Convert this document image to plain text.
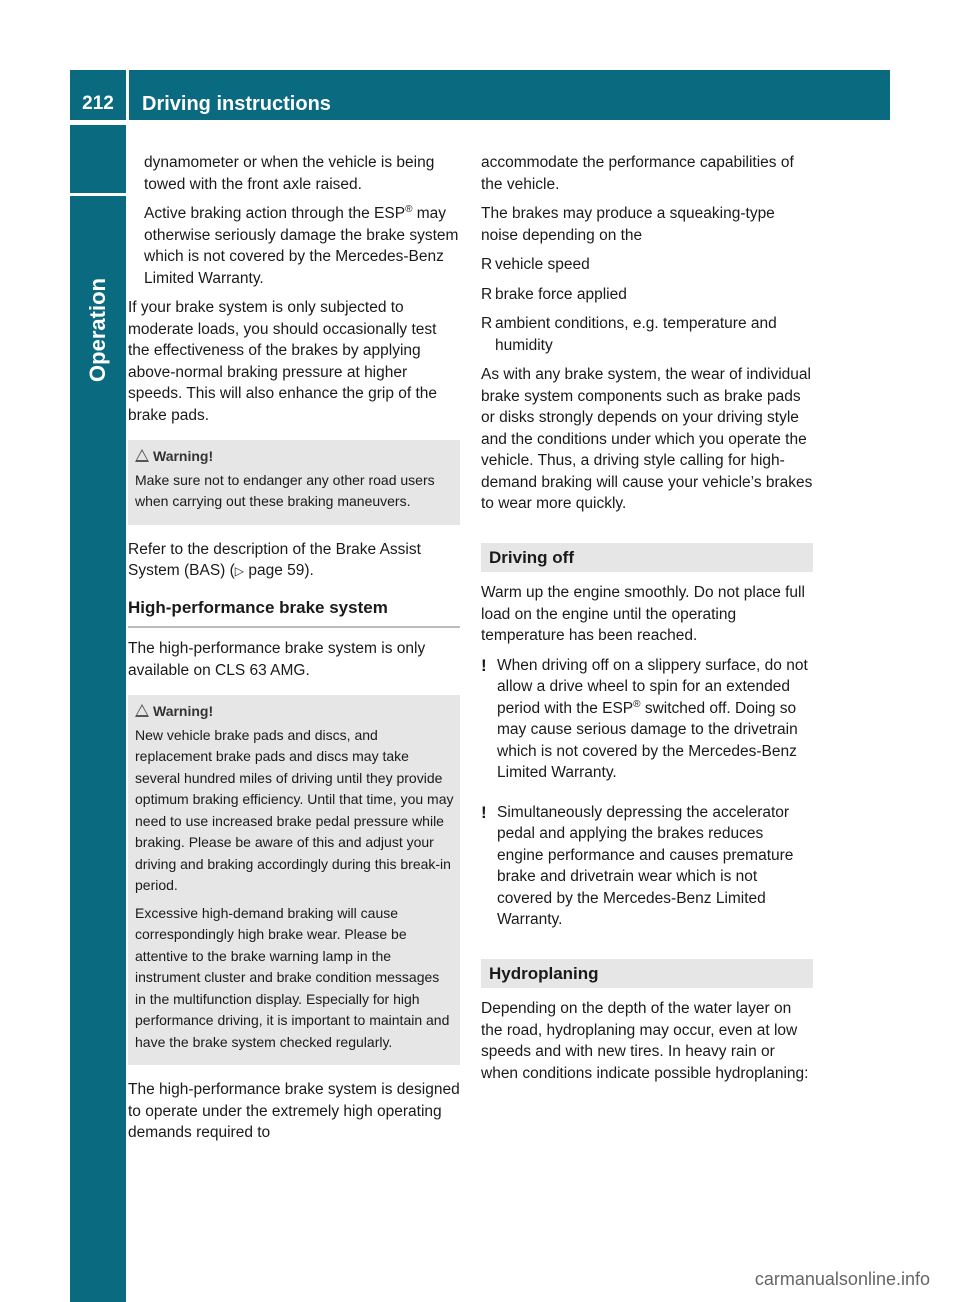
212	Driving instructions
Operation

dynamometer or when the vehicle is being towed with the front axle raised.

Active braking action through the ESP® may otherwise seriously damage the brake system which is not covered by the Mercedes-Benz Limited Warranty.

If your brake system is only subjected to moderate loads, you should occasionally test the effectiveness of the brakes by applying above-normal braking pressure at higher speeds. This will also enhance the grip of the brake pads.

Warning!

Make sure not to endanger any other road users when carrying out these braking maneuvers.

Refer to the description of the Brake Assist System (BAS) (▷ page 59).

High-performance brake system

The high-performance brake system is only available on CLS 63 AMG.

Warning!

New vehicle brake pads and discs, and replacement brake pads and discs may take several hundred miles of driving until they provide optimum braking efficiency. Until that time, you may need to use increased brake pedal pressure while braking. Please be aware of this and adjust your driving and braking accordingly during this break-in period.

Excessive high-demand braking will cause correspondingly high brake wear. Please be attentive to the brake warning lamp in the instrument cluster and brake condition messages in the multifunction display. Especially for high performance driving, it is important to maintain and have the brake system checked regularly.

The high-performance brake system is designed to operate under the extremely high operating demands required to

accommodate the performance capabilities of the vehicle.

The brakes may produce a squeaking-type noise depending on the

R vehicle speed
R brake force applied
R ambient conditions, e.g. temperature and humidity

As with any brake system, the wear of individual brake system components such as brake pads or disks strongly depends on your driving style and the conditions under which you operate the vehicle. Thus, a driving style calling for high-demand braking will cause your vehicle’s brakes to wear more quickly.

Driving off

Warm up the engine smoothly. Do not place full load on the engine until the operating temperature has been reached.

! When driving off on a slippery surface, do not allow a drive wheel to spin for an extended period with the ESP® switched off. Doing so may cause serious damage to the drivetrain which is not covered by the Mercedes-Benz Limited Warranty.
! Simultaneously depressing the accelerator pedal and applying the brakes reduces engine performance and causes premature brake and drivetrain wear which is not covered by the Mercedes-Benz Limited Warranty.
Hydroplaning

Depending on the depth of the water layer on the road, hydroplaning may occur, even at low speeds and with new tires. In heavy rain or when conditions indicate possible hydroplaning:

carmanualsonline.info
